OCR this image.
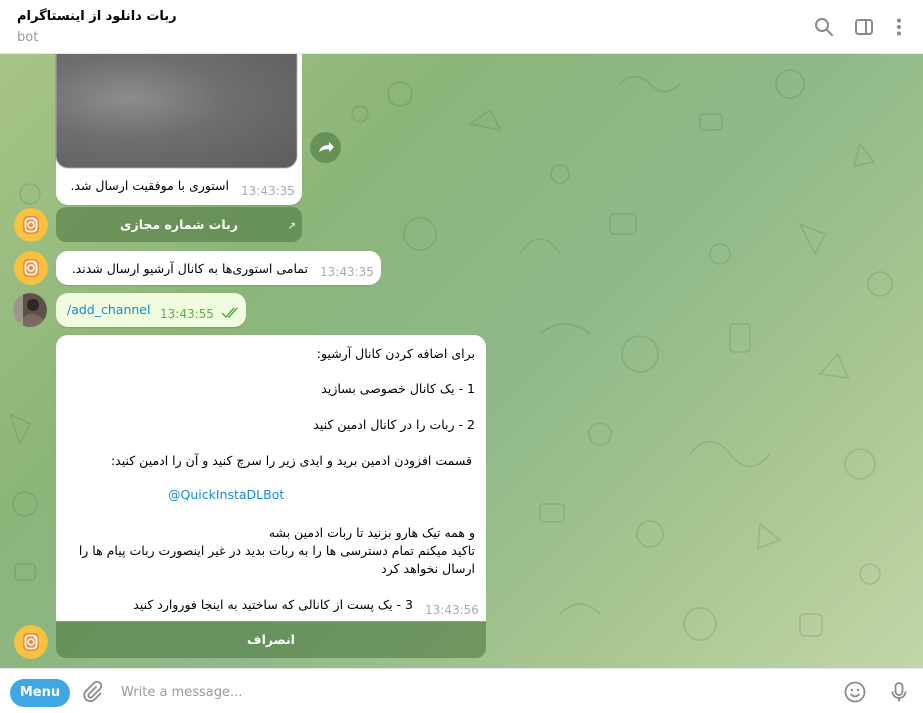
ربات دانلود از اینستاگرام
bot
استوری با موفقیت ارسال شد. 13:43:35
ربات شماره مجازی	↗
تمامی استوری‌ها به کانال آرشیو ارسال شدند. 13:43:35
/add_channel 13:43:55
برای اضافه کردن کانال آرشیو:
1 - یک کانال خصوصی بسازید
2 - ربات را در کانال ادمین کنید
قسمت افزودن ادمین برید و ایدی زیر را سرچ کنید و آن را ادمین کنید:
@QuickInstaDLBot
و همه تیک هارو بزنید تا ربات ادمین بشه
تاکید میکنم تمام دسترسی ها را به ربات بدید در غیر اینصورت ربات پیام ها را
ارسال نخواهد کرد
3 - یک پست از کانالی که ساختید به اینجا فوروارد کنید 13:43:56
انصراف
Menu
Write a message...
